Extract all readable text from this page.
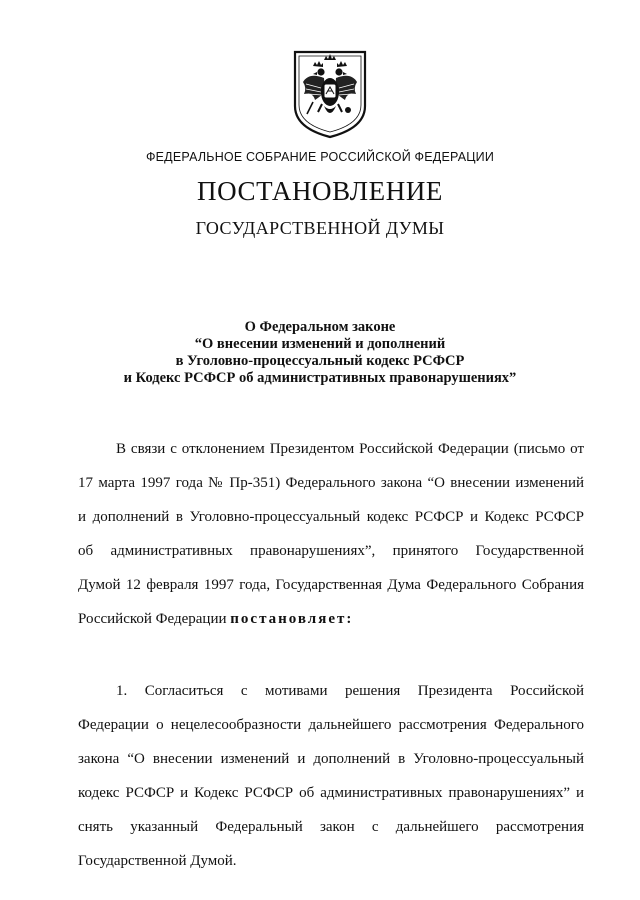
ФЕДЕРАЛЬНОЕ СОБРАНИЕ РОССИЙСКОЙ ФЕДЕРАЦИИ
ПОСТАНОВЛЕНИЕ
ГОСУДАРСТВЕННОЙ ДУМЫ
О Федеральном законе
“О внесении изменений и дополнений
в Уголовно-процессуальный кодекс РСФСР
и Кодекс РСФСР об административных правонарушениях”
В связи с отклонением Президентом Российской Федерации (письмо от
17 марта 1997 года № Пр-351) Федерального закона “О внесении изменений
и дополнений в Уголовно-процессуальный кодекс РСФСР и Кодекс РСФСР
об административных правонарушениях”, принятого Государственной
Думой 12 февраля 1997 года, Государственная Дума Федерального Собрания
Российской Федерации постановляет:
1. Согласиться с мотивами решения Президента Российской
Федерации о нецелесообразности дальнейшего рассмотрения Федерального
закона “О внесении изменений и дополнений в Уголовно-процессуальный
кодекс РСФСР и Кодекс РСФСР об административных правонарушениях” и
снять указанный Федеральный закон с дальнейшего рассмотрения
Государственной Думой.
